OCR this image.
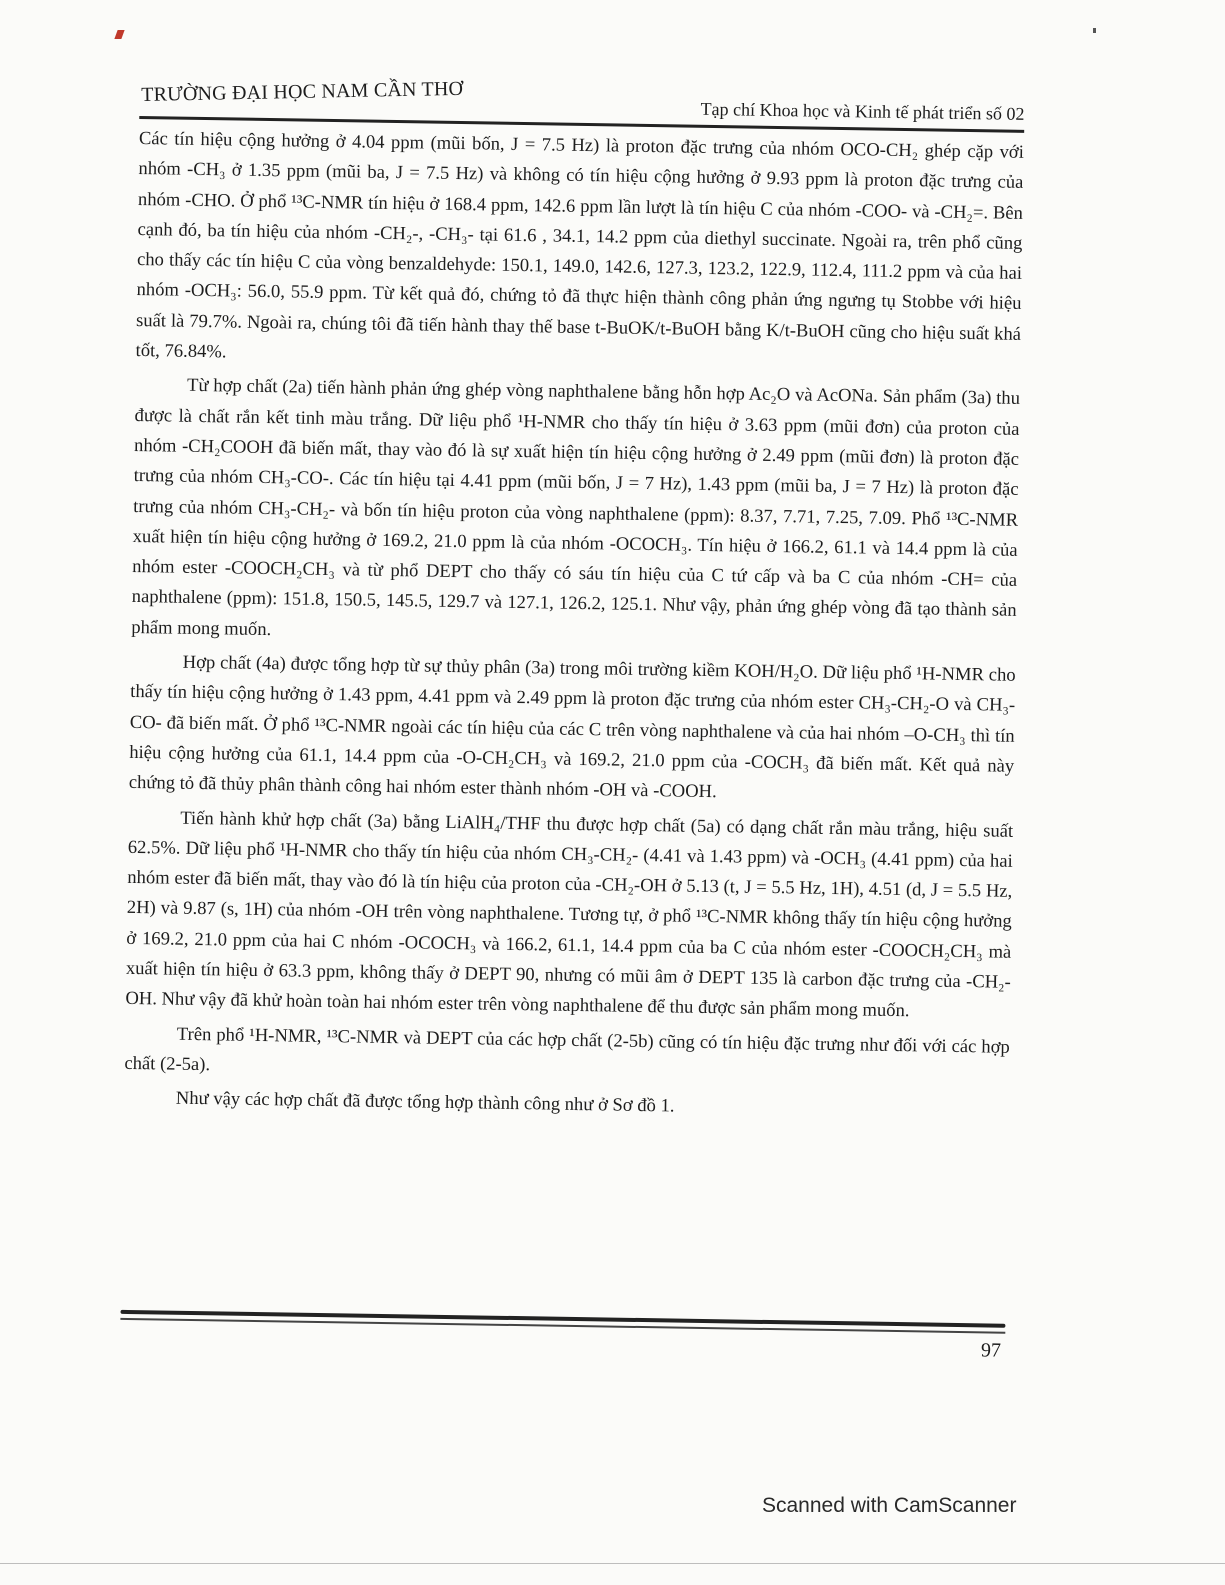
TRƯỜNG ĐẠI HỌC NAM CẦN THƠ
Tạp chí Khoa học và Kinh tế phát triển số 02

Các tín hiệu cộng hưởng ở 4.04 ppm (mũi bốn, J = 7.5 Hz) là proton đặc trưng của nhóm OCO-CH₂ ghép cặp với nhóm -CH₃ ở 1.35 ppm (mũi ba, J = 7.5 Hz) và không có tín hiệu cộng hưởng ở 9.93 ppm là proton đặc trưng của nhóm -CHO. Ở phổ ¹³C-NMR tín hiệu ở 168.4 ppm, 142.6 ppm lần lượt là tín hiệu C của nhóm -COO- và -CH₂=. Bên cạnh đó, ba tín hiệu của nhóm -CH₂-, -CH₃- tại 61.6 , 34.1, 14.2 ppm của diethyl succinate. Ngoài ra, trên phổ cũng cho thấy các tín hiệu C của vòng benzaldehyde: 150.1, 149.0, 142.6, 127.3, 123.2, 122.9, 112.4, 111.2 ppm và của hai nhóm -OCH₃: 56.0, 55.9 ppm. Từ kết quả đó, chứng tỏ đã thực hiện thành công phản ứng ngưng tụ Stobbe với hiệu suất là 79.7%. Ngoài ra, chúng tôi đã tiến hành thay thế base t-BuOK/t-BuOH bằng K/t-BuOH cũng cho hiệu suất khá tốt, 76.84%.

Từ hợp chất (2a) tiến hành phản ứng ghép vòng naphthalene bằng hỗn hợp Ac₂O và AcONa. Sản phẩm (3a) thu được là chất rắn kết tinh màu trắng. Dữ liệu phổ ¹H-NMR cho thấy tín hiệu ở 3.63 ppm (mũi đơn) của proton của nhóm -CH₂COOH đã biến mất, thay vào đó là sự xuất hiện tín hiệu cộng hưởng ở 2.49 ppm (mũi đơn) là proton đặc trưng của nhóm CH₃-CO-. Các tín hiệu tại 4.41 ppm (mũi bốn, J = 7 Hz), 1.43 ppm (mũi ba, J = 7 Hz) là proton đặc trưng của nhóm CH₃-CH₂- và bốn tín hiệu proton của vòng naphthalene (ppm): 8.37, 7.71, 7.25, 7.09. Phổ ¹³C-NMR xuất hiện tín hiệu cộng hưởng ở 169.2, 21.0 ppm là của nhóm -OCOCH₃. Tín hiệu ở 166.2, 61.1 và 14.4 ppm là của nhóm ester -COOCH₂CH₃ và từ phổ DEPT cho thấy có sáu tín hiệu của C tứ cấp và ba C của nhóm -CH= của naphthalene (ppm): 151.8, 150.5, 145.5, 129.7 và 127.1, 126.2, 125.1. Như vậy, phản ứng ghép vòng đã tạo thành sản phẩm mong muốn.

Hợp chất (4a) được tổng hợp từ sự thủy phân (3a) trong môi trường kiềm KOH/H₂O. Dữ liệu phổ ¹H-NMR cho thấy tín hiệu cộng hưởng ở 1.43 ppm, 4.41 ppm và 2.49 ppm là proton đặc trưng của nhóm ester CH₃-CH₂-O và CH₃-CO- đã biến mất. Ở phổ ¹³C-NMR ngoài các tín hiệu của các C trên vòng naphthalene và của hai nhóm –O-CH₃ thì tín hiệu cộng hưởng của 61.1, 14.4 ppm của -O-CH₂CH₃ và 169.2, 21.0 ppm của -COCH₃ đã biến mất. Kết quả này chứng tỏ đã thủy phân thành công hai nhóm ester thành nhóm -OH và -COOH.

Tiến hành khử hợp chất (3a) bằng LiAlH₄/THF thu được hợp chất (5a) có dạng chất rắn màu trắng, hiệu suất 62.5%. Dữ liệu phổ ¹H-NMR cho thấy tín hiệu của nhóm CH₃-CH₂- (4.41 và 1.43 ppm) và -OCH₃ (4.41 ppm) của hai nhóm ester đã biến mất, thay vào đó là tín hiệu của proton của -CH₂-OH ở 5.13 (t, J = 5.5 Hz, 1H), 4.51 (d, J = 5.5 Hz, 2H) và 9.87 (s, 1H) của nhóm -OH trên vòng naphthalene. Tương tự, ở phổ ¹³C-NMR không thấy tín hiệu cộng hưởng ở 169.2, 21.0 ppm của hai C nhóm -OCOCH₃ và 166.2, 61.1, 14.4 ppm của ba C của nhóm ester -COOCH₂CH₃ mà xuất hiện tín hiệu ở 63.3 ppm, không thấy ở DEPT 90, nhưng có mũi âm ở DEPT 135 là carbon đặc trưng của -CH₂-OH. Như vậy đã khử hoàn toàn hai nhóm ester trên vòng naphthalene để thu được sản phẩm mong muốn.

Trên phổ ¹H-NMR, ¹³C-NMR và DEPT của các hợp chất (2-5b) cũng có tín hiệu đặc trưng như đối với các hợp chất (2-5a).

Như vậy các hợp chất đã được tổng hợp thành công như ở Sơ đồ 1.

97
Scanned with CamScanner
